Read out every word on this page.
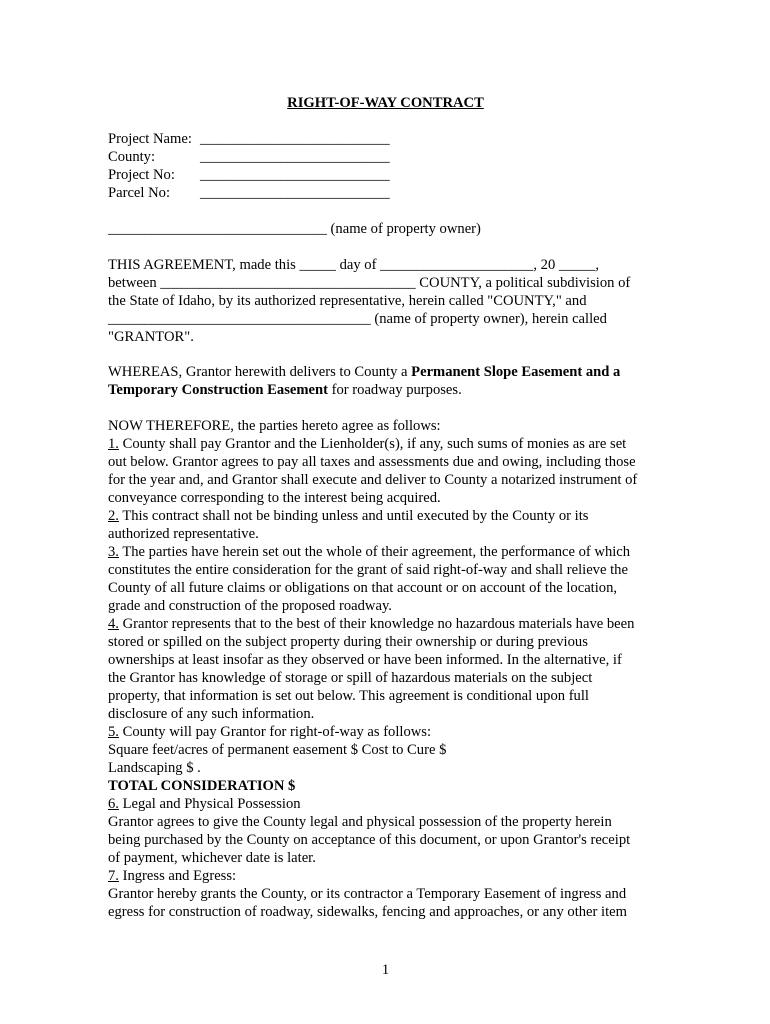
RIGHT-OF-WAY CONTRACT
Project Name: __________________________
County:	__________________________
Project No: __________________________
Parcel No: __________________________
______________________________ (name of property owner)
THIS AGREEMENT, made this _____ day of _____________________, 20 _____,
between ___________________________________ COUNTY, a political subdivision of
the State of Idaho, by its authorized representative, herein called "COUNTY," and
____________________________________ (name of property owner), herein called
"GRANTOR".
WHEREAS, Grantor herewith delivers to County a Permanent Slope Easement and a
Temporary Construction Easement for roadway purposes.
NOW THEREFORE, the parties hereto agree as follows:
1. County shall pay Grantor and the Lienholder(s), if any, such sums of monies as are set
out below. Grantor agrees to pay all taxes and assessments due and owing, including those
for the year and, and Grantor shall execute and deliver to County a notarized instrument of
conveyance corresponding to the interest being acquired.
2. This contract shall not be binding unless and until executed by the County or its
authorized representative.
3. The parties have herein set out the whole of their agreement, the performance of which
constitutes the entire consideration for the grant of said right-of-way and shall relieve the
County of all future claims or obligations on that account or on account of the location,
grade and construction of the proposed roadway.
4. Grantor represents that to the best of their knowledge no hazardous materials have been
stored or spilled on the subject property during their ownership or during previous
ownerships at least insofar as they observed or have been informed. In the alternative, if
the Grantor has knowledge of storage or spill of hazardous materials on the subject
property, that information is set out below. This agreement is conditional upon full
disclosure of any such information.
5. County will pay Grantor for right-of-way as follows:
Square feet/acres of permanent easement $ Cost to Cure $
Landscaping $ .
TOTAL CONSIDERATION $
6. Legal and Physical Possession
Grantor agrees to give the County legal and physical possession of the property herein
being purchased by the County on acceptance of this document, or upon Grantor's receipt
of payment, whichever date is later.
7. Ingress and Egress:
Grantor hereby grants the County, or its contractor a Temporary Easement of ingress and
egress for construction of roadway, sidewalks, fencing and approaches, or any other item
1
